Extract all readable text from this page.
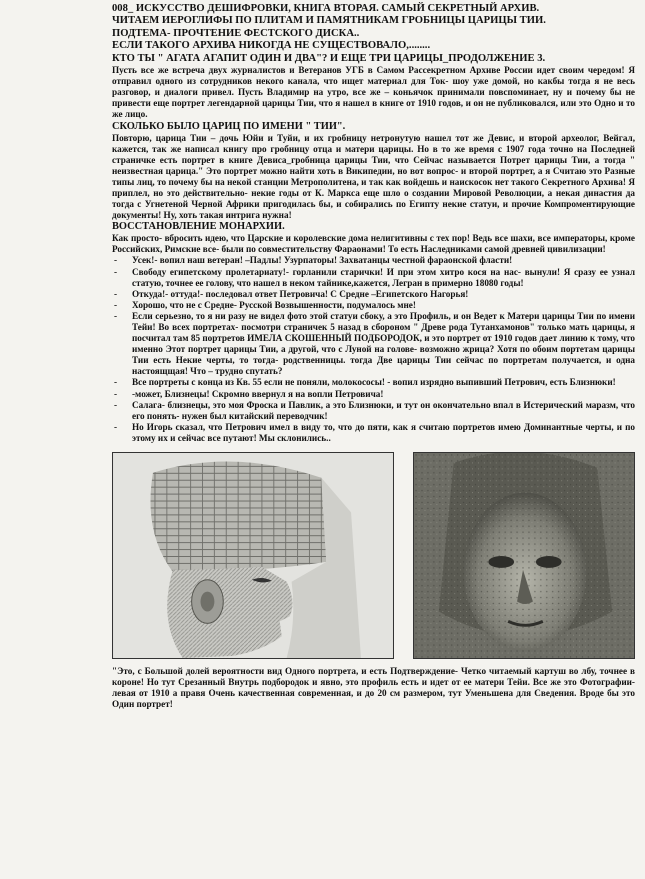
008_ ИСКУССТВО ДЕШИФРОВКИ, КНИГА ВТОРАЯ. САМЫЙ СЕКРЕТНЫЙ АРХИВ.
ЧИТАЕМ ИЕРОГЛИФЫ ПО ПЛИТАМ И ПАМЯТНИКАМ ГРОБНИЦЫ ЦАРИЦЫ ТИИ.
ПОДТЕМА- ПРОЧТЕНИЕ ФЕСТСКОГО ДИСКА..
ЕСЛИ ТАКОГО АРХИВА НИКОГДА НЕ СУЩЕСТВОВАЛО,........
КТО ТЫ " АГАТА АГАПИТ ОДИН И ДВА"? И ЕЩЕ ТРИ ЦАРИЦЫ_ПРОДОЛЖЕНИЕ 3.

Пусть все же встреча двух журналистов и Ветеранов УГБ в Самом Рассекретном Архиве России идет своим чередом! Я отправил одного из сотрудников некого канала, что ищет материал для Ток- шоу уже домой, но какбы тогда я не весь разговор, и диалоги привел. Пусть Владимир на утро, все же – коньячок принимали повспоминает, ну и почему бы не привести еще портрет легендарной царицы Тии, что я нашел в книге от 1910 годов, и он не публиковался, или это Одно и то же лицо.

СКОЛЬКО БЫЛО ЦАРИЦ ПО ИМЕНИ " ТИИ".

Повторю, царица Тии – дочь Юйи и Туйи, и их гробницу нетронутую нашел тот же Девис, и второй археолог, Вейгал, кажется, так же написал книгу про гробницу отца и матери царицы. Но в то же время с 1907 года точно на Последней страничке есть портрет в книге Девиса_гробница царицы Тии, что Сейчас называется Потрет царицы Тии, а тогда " неизвестная царица." Это портрет можно найти хоть в Википедии, но вот вопрос- и второй портрет, а я Считаю это Разные типы лиц, то почему бы на некой станции Метрополитена, и так как войдешь и наискосок нет такого Секретного Архива! Я приплел, но это действительно- некие годы от К. Маркса еще шло о создании Мировой Революции, а некая династия да тогда с Угнетеной Черной Африки пригодилась бы, и собирались по Египту некие статуи, и прочие Компроментирующие документы! Ну, хоть такая интрига нужна!

ВОССТАНОВЛЕНИЕ МОНАРХИИ.

Как просто- вбросить идею, что Царские и королевские дома нелигитивны с тех пор! Ведь все шахи, все императоры, кроме Российских, Римские все- были по совместительству Фараонами! То есть Наследниками самой древней цивилизации!

- Усек!- вопил наш ветеран! –Падлы! Узурпаторы! Захватанцы честной фараонской фласти!
- Свободу египетскому пролетариату!- горланили старички! И при этом хитро кося на нас- вынули! Я сразу ее узнал статую, точнее ее голову, что нашел в неком тайнике,кажется, Легран в примерно 18080 годы!
- Откуда!- оттуда!- последовал ответ Петровича! С Средне –Египетского Нагорья!
- Хорошо, что не с Средне- Русской Возвышенности, подумалось мне!
- Если серьезно, то я ни разу не видел фото этой статуи сбоку, а это Профиль, и он Ведет к Матери царицы Тии по имени Тейи! Во всех портретах- посмотри страничек 5 назад в сбороном " Древе рода Тутанхамонов" только мать царицы, я посчитал там 85 портретов ИМЕЛА СКОШЕННЫЙ ПОДБОРОДОК, и это портрет от 1910 годов дает линию к тому, что именно Этот портрет царицы Тии, а другой, что с Луной на голове- возможно жрица? Хотя по обоим портетам царицы Тии есть Некие черты, то тогда- родственницы. тогда Две царицы Тии сейчас по портретам получается, и одна настоящщая! Что – трудно спутать?
- Все портреты с конца из Кв. 55 если не поняли, молокососы! - вопил изрядно выпивший Петрович, есть Близнюки!
- -может, Близнецы! Скромно ввернул я на вопли Петровича!
- Салага- близнецы, это моя Фроска и Павлик, а это Близнюки, и тут он окончательно впал в Истерический маразм, что его понять- нужен был китайский переводчик!
- Но Игорь сказал, что Петрович имел в виду то, что до пяти, как я считаю портретов имею Доминантные черты, и по этому их и сейчас все путают! Мы склонились..

"Это, с Большой долей вероятности вид Одного портрета, и есть Подтверждение- Четко читаемый картуш во лбу, точнее в короне! Но тут Срезанный Внутрь подбородок и явно, это профиль есть и идет от ее матери Тейи. Все же это Фотографии- левая от 1910 а правя Очень качественная современная, и до 20 см размером, тут Уменьшена для Сведения. Вроде бы это Один портрет!
